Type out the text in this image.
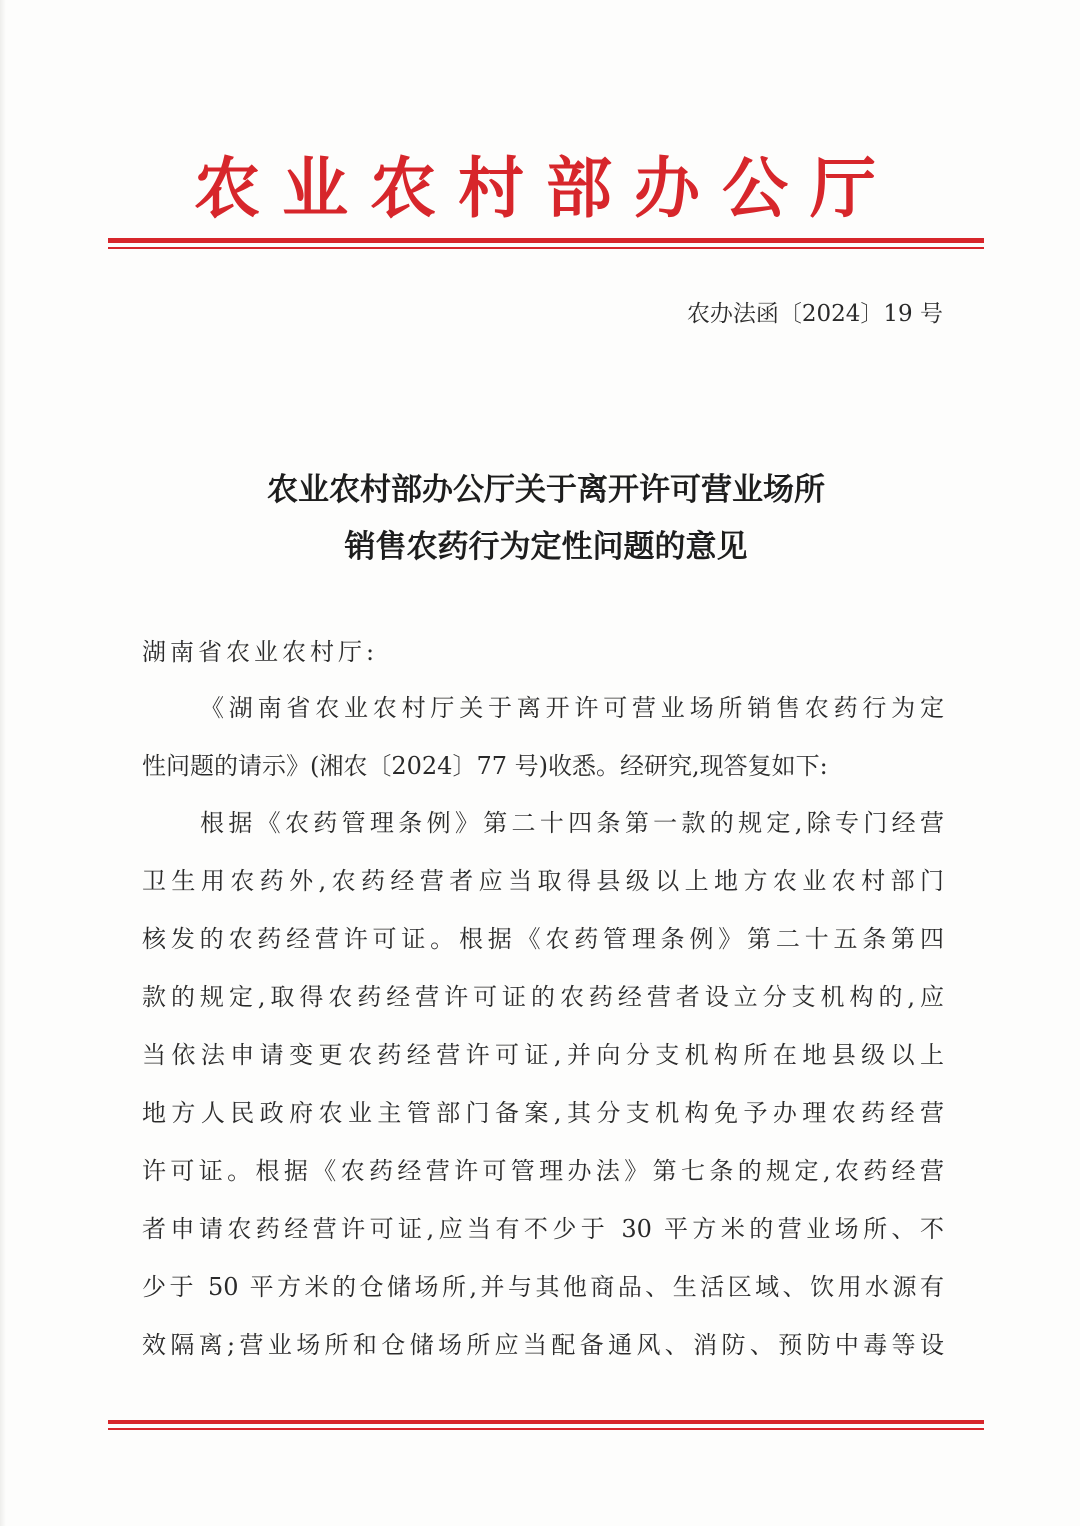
农业农村部办公厅
农办法函〔2024〕19 号
农业农村部办公厅关于离开许可营业场所
销售农药行为定性问题的意见
湖南省农业农村厅:
《湖南省农业农村厅关于离开许可营业场所销售农药行为定
性问题的请示》(湘农〔2024〕77 号)收悉。经研究,现答复如下:
根据《农药管理条例》第二十四条第一款的规定,除专门经营
卫生用农药外,农药经营者应当取得县级以上地方农业农村部门
核发的农药经营许可证。根据《农药管理条例》第二十五条第四
款的规定,取得农药经营许可证的农药经营者设立分支机构的,应
当依法申请变更农药经营许可证,并向分支机构所在地县级以上
地方人民政府农业主管部门备案,其分支机构免予办理农药经营
许可证。根据《农药经营许可管理办法》第七条的规定,农药经营
者申请农药经营许可证,应当有不少于 30 平方米的营业场所、不
少于 50 平方米的仓储场所,并与其他商品、生活区域、饮用水源有
效隔离;营业场所和仓储场所应当配备通风、消防、预防中毒等设
